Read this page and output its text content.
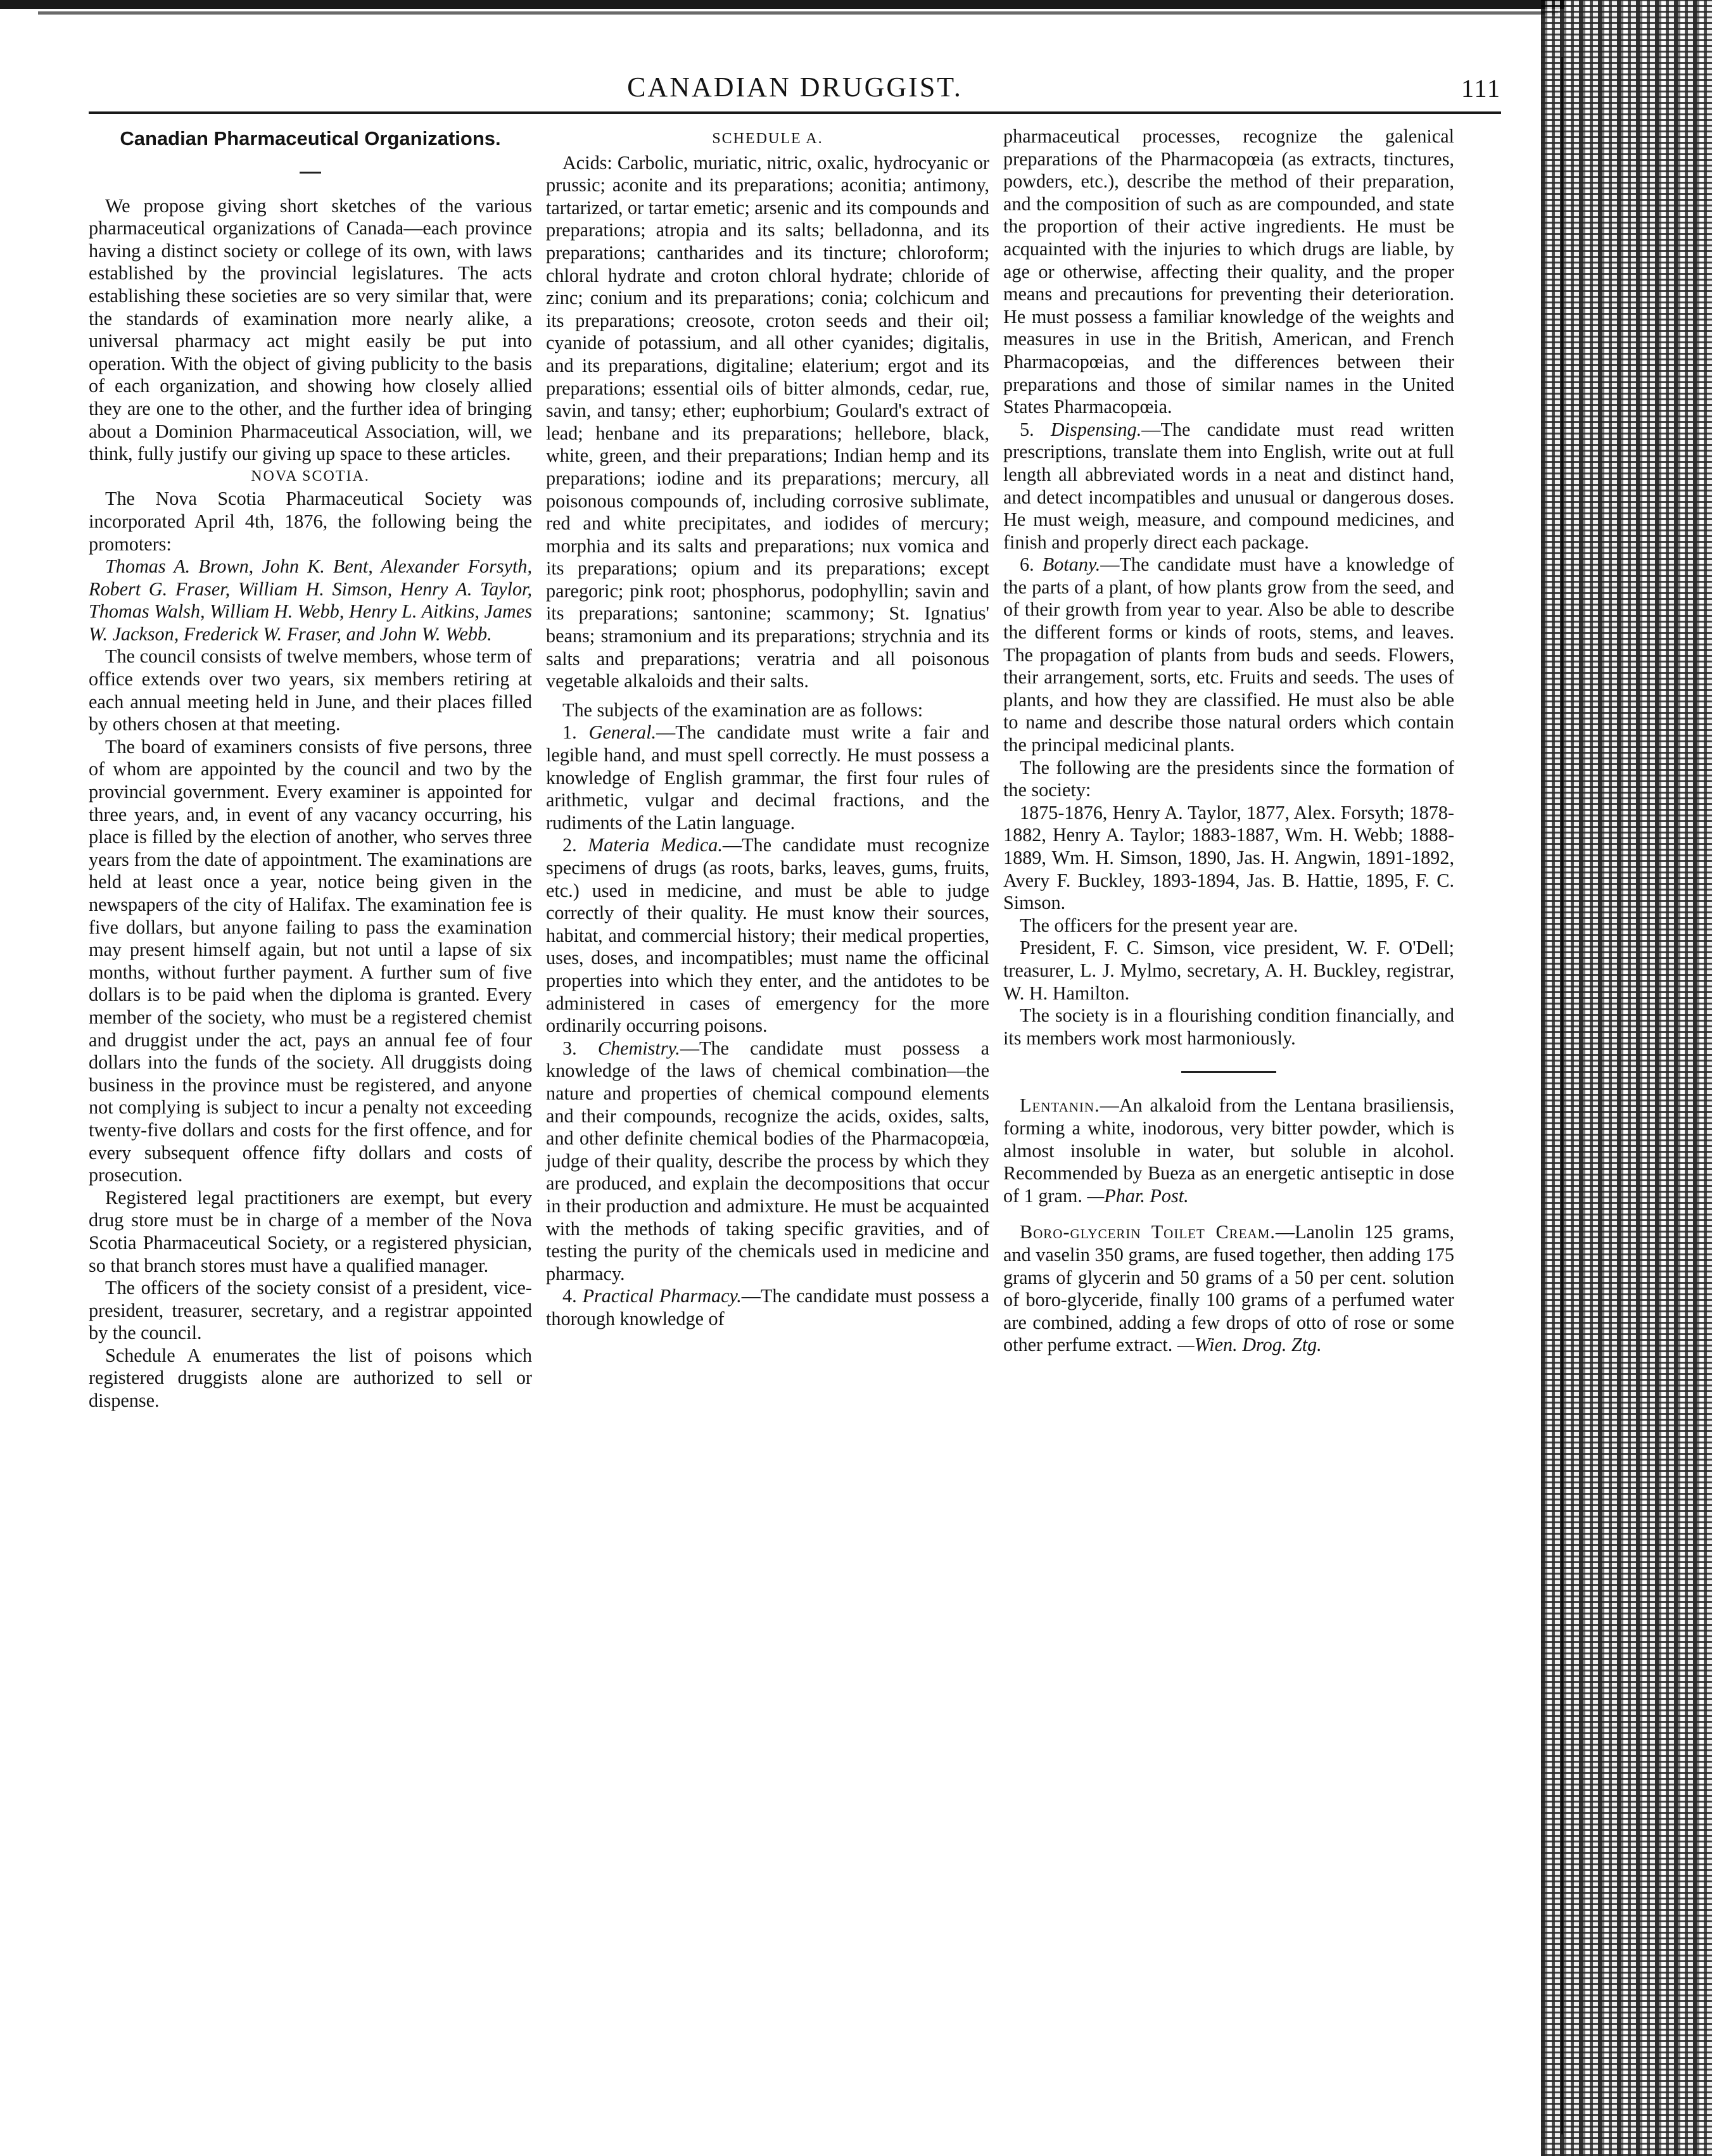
CANADIAN DRUGGIST.	111
Canadian Pharmaceutical Organizations.

We propose giving short sketches of the various pharmaceutical organizations of Canada—each province having a distinct society or college of its own, with laws established by the provincial legislatures. The acts establishing these societies are so very similar that, were the standards of examination more nearly alike, a universal pharmacy act might easily be put into operation. With the object of giving publicity to the basis of each organization, and showing how closely allied they are one to the other, and the further idea of bringing about a Dominion Pharmaceutical Association, will, we think, fully justify our giving up space to these articles.

NOVA SCOTIA.

The Nova Scotia Pharmaceutical Society was incorporated April 4th, 1876, the following being the promoters:

Thomas A. Brown, John K. Bent, Alexander Forsyth, Robert G. Fraser, William H. Simson, Henry A. Taylor, Thomas Walsh, William H. Webb, Henry L. Aitkins, James W. Jackson, Frederick W. Fraser, and John W. Webb.

The council consists of twelve members, whose term of office extends over two years, six members retiring at each annual meeting held in June, and their places filled by others chosen at that meeting.

The board of examiners consists of five persons, three of whom are appointed by the council and two by the provincial government. Every examiner is appointed for three years, and, in event of any vacancy occurring, his place is filled by the election of another, who serves three years from the date of appointment. The examinations are held at least once a year, notice being given in the newspapers of the city of Halifax. The examination fee is five dollars, but anyone failing to pass the examination may present himself again, but not until a lapse of six months, without further payment. A further sum of five dollars is to be paid when the diploma is granted. Every member of the society, who must be a registered chemist and druggist under the act, pays an annual fee of four dollars into the funds of the society. All druggists doing business in the province must be registered, and anyone not complying is subject to incur a penalty not exceeding twenty-five dollars and costs for the first offence, and for every subsequent offence fifty dollars and costs of prosecution.

Registered legal practitioners are exempt, but every drug store must be in charge of a member of the Nova Scotia Pharmaceutical Society, or a registered physician, so that branch stores must have a qualified manager.

The officers of the society consist of a president, vice-president, treasurer, secretary, and a registrar appointed by the council.

Schedule A enumerates the list of poisons which registered druggists alone are authorized to sell or dispense.

SCHEDULE A.

Acids: Carbolic, muriatic, nitric, oxalic, hydrocyanic or prussic; aconite and its preparations; aconitia; antimony, tartarized, or tartar emetic; arsenic and its compounds and preparations; atropia and its salts; belladonna, and its preparations; cantharides and its tincture; chloroform; chloral hydrate and croton chloral hydrate; chloride of zinc; conium and its preparations; conia; colchicum and its preparations; creosote, croton seeds and their oil; cyanide of potassium, and all other cyanides; digitalis, and its preparations, digitaline; elaterium; ergot and its preparations; essential oils of bitter almonds, cedar, rue, savin, and tansy; ether; euphorbium; Goulard's extract of lead; henbane and its preparations; hellebore, black, white, green, and their preparations; Indian hemp and its preparations; iodine and its preparations; mercury, all poisonous compounds of, including corrosive sublimate, red and white precipitates, and iodides of mercury; morphia and its salts and preparations; nux vomica and its preparations; opium and its preparations; except paregoric; pink root; phosphorus, podophyllin; savin and its preparations; santonine; scammony; St. Ignatius' beans; stramonium and its preparations; strychnia and its salts and preparations; veratria and all poisonous vegetable alkaloids and their salts.

The subjects of the examination are as follows:

1. General.—The candidate must write a fair and legible hand, and must spell correctly. He must possess a knowledge of English grammar, the first four rules of arithmetic, vulgar and decimal fractions, and the rudiments of the Latin language.

2. Materia Medica.—The candidate must recognize specimens of drugs (as roots, barks, leaves, gums, fruits, etc.) used in medicine, and must be able to judge correctly of their quality. He must know their sources, habitat, and commercial history; their medical properties, uses, doses, and incompatibles; must name the officinal properties into which they enter, and the antidotes to be administered in cases of emergency for the more ordinarily occurring poisons.

3. Chemistry.—The candidate must possess a knowledge of the laws of chemical combination—the nature and properties of chemical compound elements and their compounds, recognize the acids, oxides, salts, and other definite chemical bodies of the Pharmacopœia, judge of their quality, describe the process by which they are produced, and explain the decompositions that occur in their production and admixture. He must be acquainted with the methods of taking specific gravities, and of testing the purity of the chemicals used in medicine and pharmacy.

4. Practical Pharmacy.—The candidate must possess a thorough knowledge of

pharmaceutical processes, recognize the galenical preparations of the Pharmacopœia (as extracts, tinctures, powders, etc.), describe the method of their preparation, and the composition of such as are compounded, and state the proportion of their active ingredients. He must be acquainted with the injuries to which drugs are liable, by age or otherwise, affecting their quality, and the proper means and precautions for preventing their deterioration. He must possess a familiar knowledge of the weights and measures in use in the British, American, and French Pharmacopœias, and the differences between their preparations and those of similar names in the United States Pharmacopœia.

5. Dispensing.—The candidate must read written prescriptions, translate them into English, write out at full length all abbreviated words in a neat and distinct hand, and detect incompatibles and unusual or dangerous doses. He must weigh, measure, and compound medicines, and finish and properly direct each package.

6. Botany.—The candidate must have a knowledge of the parts of a plant, of how plants grow from the seed, and of their growth from year to year. Also be able to describe the different forms or kinds of roots, stems, and leaves. The propagation of plants from buds and seeds. Flowers, their arrangement, sorts, etc. Fruits and seeds. The uses of plants, and how they are classified. He must also be able to name and describe those natural orders which contain the principal medicinal plants.

The following are the presidents since the formation of the society:

1875-1876, Henry A. Taylor, 1877, Alex. Forsyth; 1878-1882, Henry A. Taylor; 1883-1887, Wm. H. Webb; 1888-1889, Wm. H. Simson, 1890, Jas. H. Angwin, 1891-1892, Avery F. Buckley, 1893-1894, Jas. B. Hattie, 1895, F. C. Simson.

The officers for the present year are.

President, F. C. Simson, vice president, W. F. O'Dell; treasurer, L. J. Mylmo, secretary, A. H. Buckley, registrar, W. H. Hamilton.

The society is in a flourishing condition financially, and its members work most harmoniously.

Lentanin.—An alkaloid from the Lentana brasiliensis, forming a white, inodorous, very bitter powder, which is almost insoluble in water, but soluble in alcohol. Recommended by Bueza as an energetic antiseptic in dose of 1 gram. —Phar. Post.

Boro-glycerin Toilet Cream.—Lanolin 125 grams, and vaselin 350 grams, are fused together, then adding 175 grams of glycerin and 50 grams of a 50 per cent. solution of boro-glyceride, finally 100 grams of a perfumed water are combined, adding a few drops of otto of rose or some other perfume extract. —Wien. Drog. Ztg.
